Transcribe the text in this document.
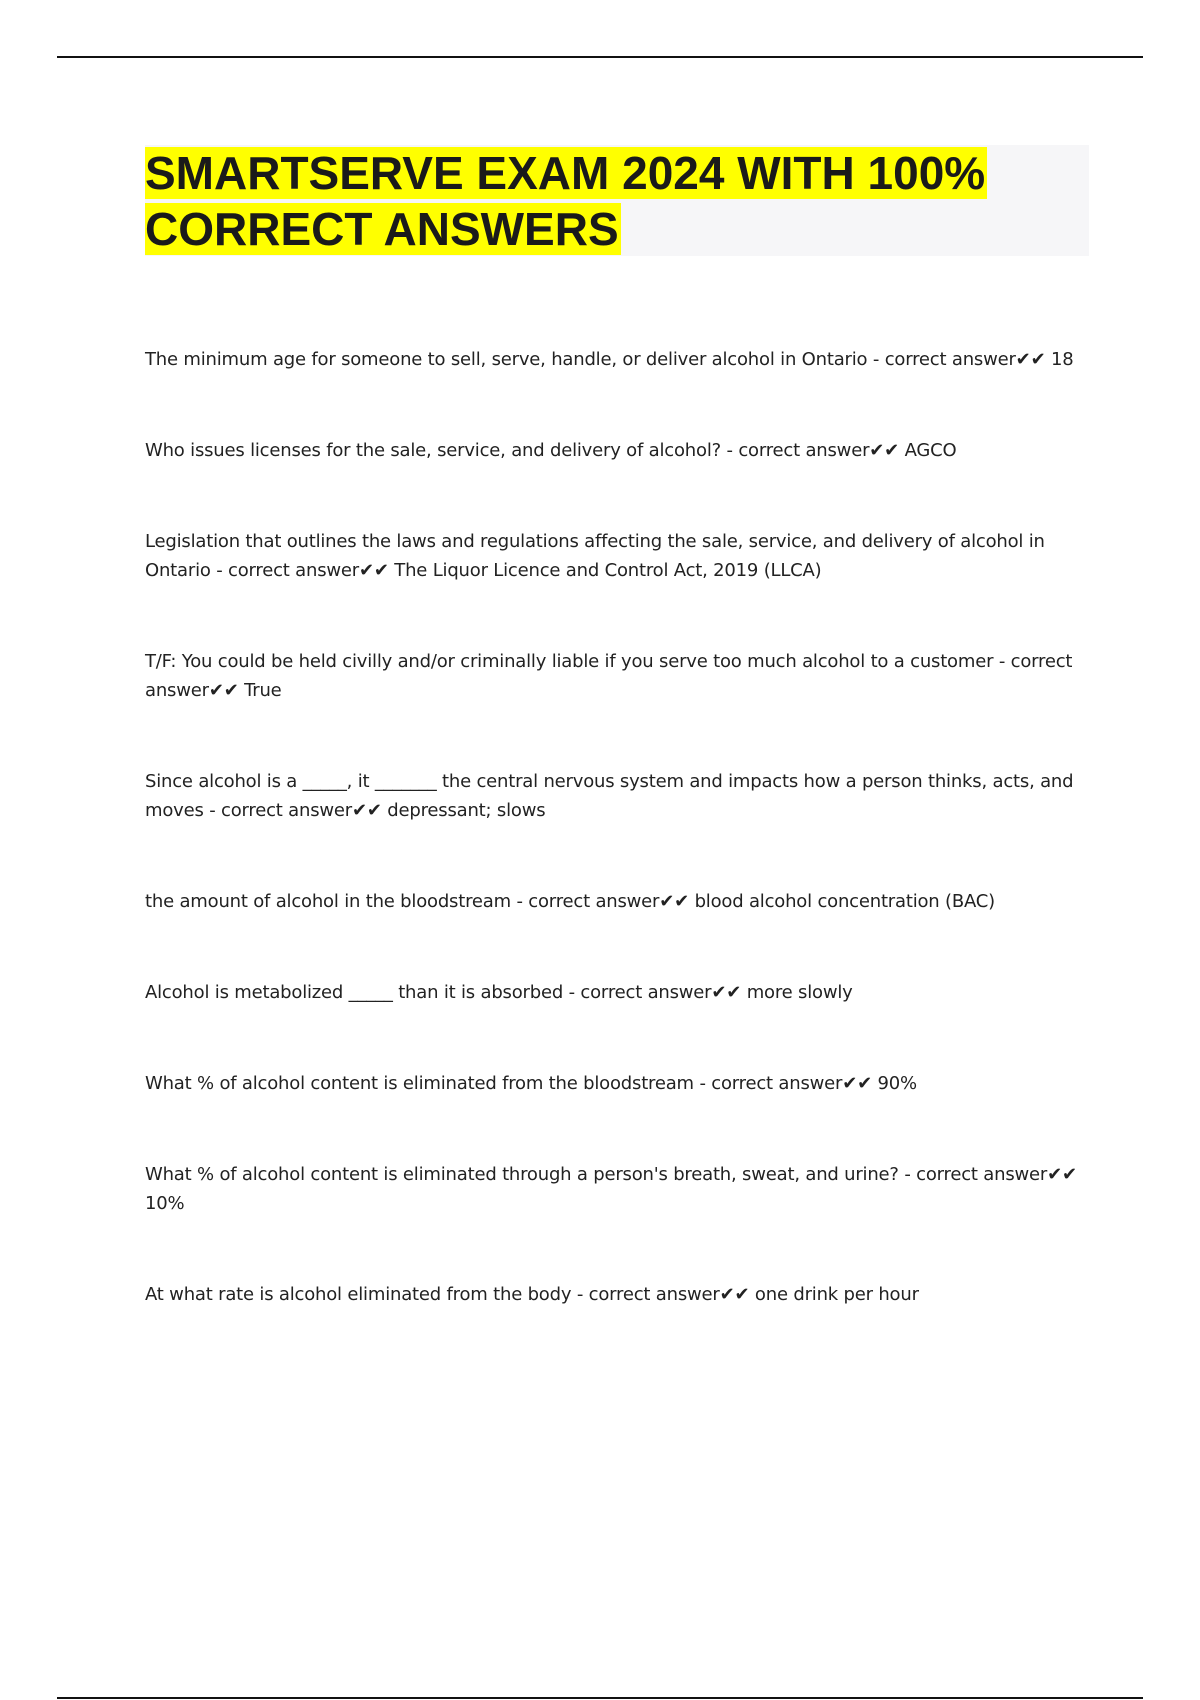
SMARTSERVE EXAM 2024 WITH 100% CORRECT ANSWERS
The minimum age for someone to sell, serve, handle, or deliver alcohol in Ontario - correct answer✔✔ 18
Who issues licenses for the sale, service, and delivery of alcohol? - correct answer✔✔ AGCO
Legislation that outlines the laws and regulations affecting the sale, service, and delivery of alcohol in Ontario - correct answer✔✔ The Liquor Licence and Control Act, 2019 (LLCA)
T/F: You could be held civilly and/or criminally liable if you serve too much alcohol to a customer - correct answer✔✔ True
Since alcohol is a _____, it _______ the central nervous system and impacts how a person thinks, acts, and moves - correct answer✔✔ depressant; slows
the amount of alcohol in the bloodstream - correct answer✔✔ blood alcohol concentration (BAC)
Alcohol is metabolized _____ than it is absorbed - correct answer✔✔ more slowly
What % of alcohol content is eliminated from the bloodstream - correct answer✔✔ 90%
What % of alcohol content is eliminated through a person's breath, sweat, and urine? - correct answer✔✔ 10%
At what rate is alcohol eliminated from the body - correct answer✔✔ one drink per hour
